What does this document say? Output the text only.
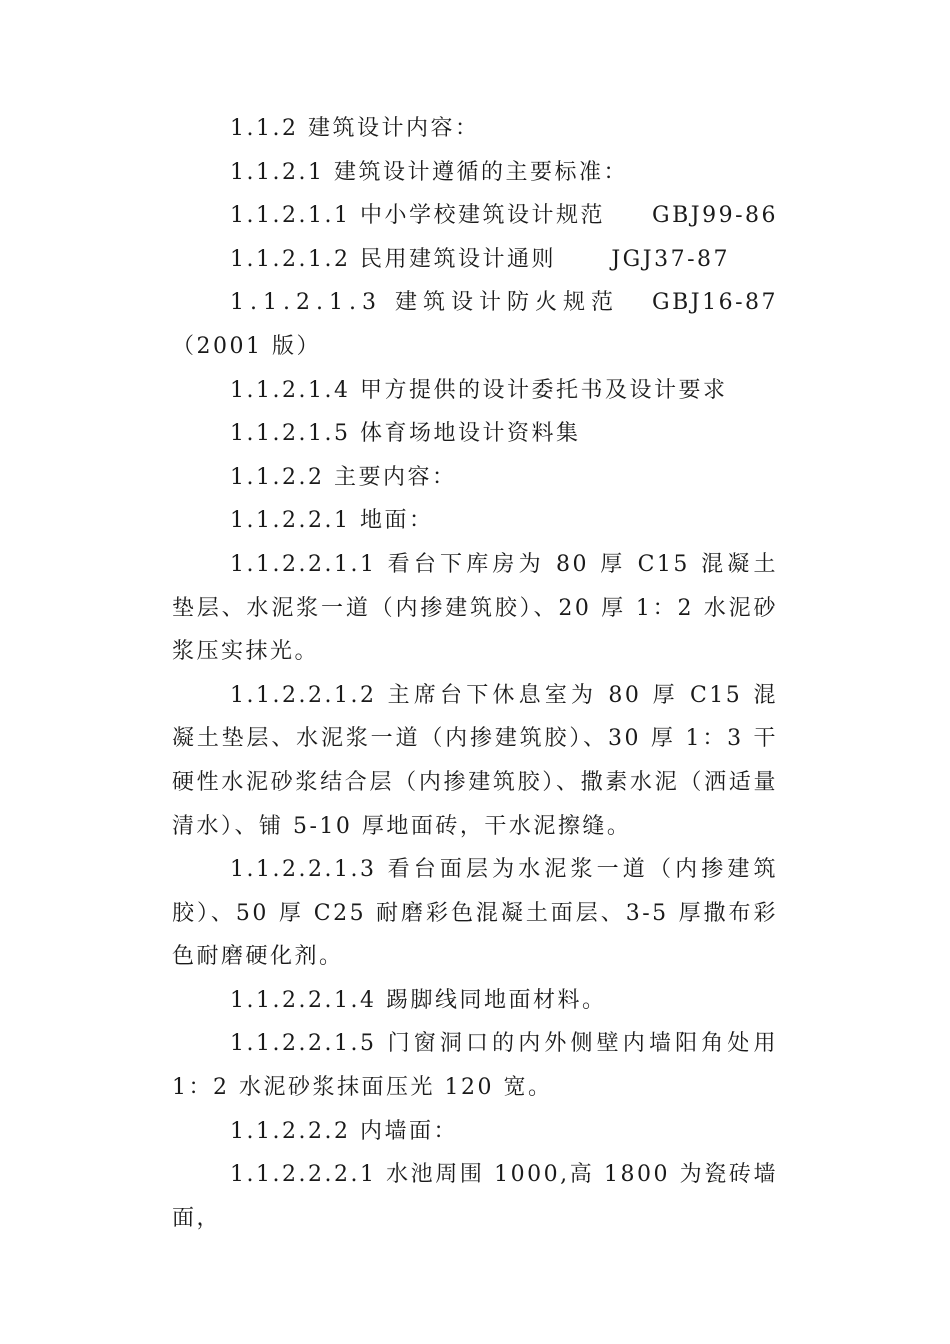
1.1.2 建筑设计内容：

1.1.2.1 建筑设计遵循的主要标准：

1.1.2.1.1 中小学校建筑设计规范 GBJ99-86
1.1.2.1.2 民用建筑设计通则	JGJ37-87
1.1.2.1.3 建筑设计防火规范 GBJ16-87

（2001 版）

1.1.2.1.4 甲方提供的设计委托书及设计要求

1.1.2.1.5 体育场地设计资料集

1.1.2.2 主要内容：

1.1.2.2.1 地面：

1.1.2.2.1.1 看台下库房为 80 厚 C15 混凝土垫层、水泥浆一道（内掺建筑胶）、20 厚 1：2 水泥砂浆压实抹光。

1.1.2.2.1.2 主席台下休息室为 80 厚 C15 混凝土垫层、水泥浆一道（内掺建筑胶）、30 厚 1：3 干硬性水泥砂浆结合层（内掺建筑胶）、撒素水泥（洒适量清水）、铺 5-10 厚地面砖，干水泥擦缝。

1.1.2.2.1.3 看台面层为水泥浆一道（内掺建筑胶）、50 厚 C25 耐磨彩色混凝土面层、3-5 厚撒布彩色耐磨硬化剂。

1.1.2.2.1.4 踢脚线同地面材料。

1.1.2.2.1.5 门窗洞口的内外侧壁内墙阳角处用 1：2 水泥砂浆抹面压光 120 宽。

1.1.2.2.2 内墙面：

1.1.2.2.2.1 水池周围 1000,高 1800 为瓷砖墙面，
